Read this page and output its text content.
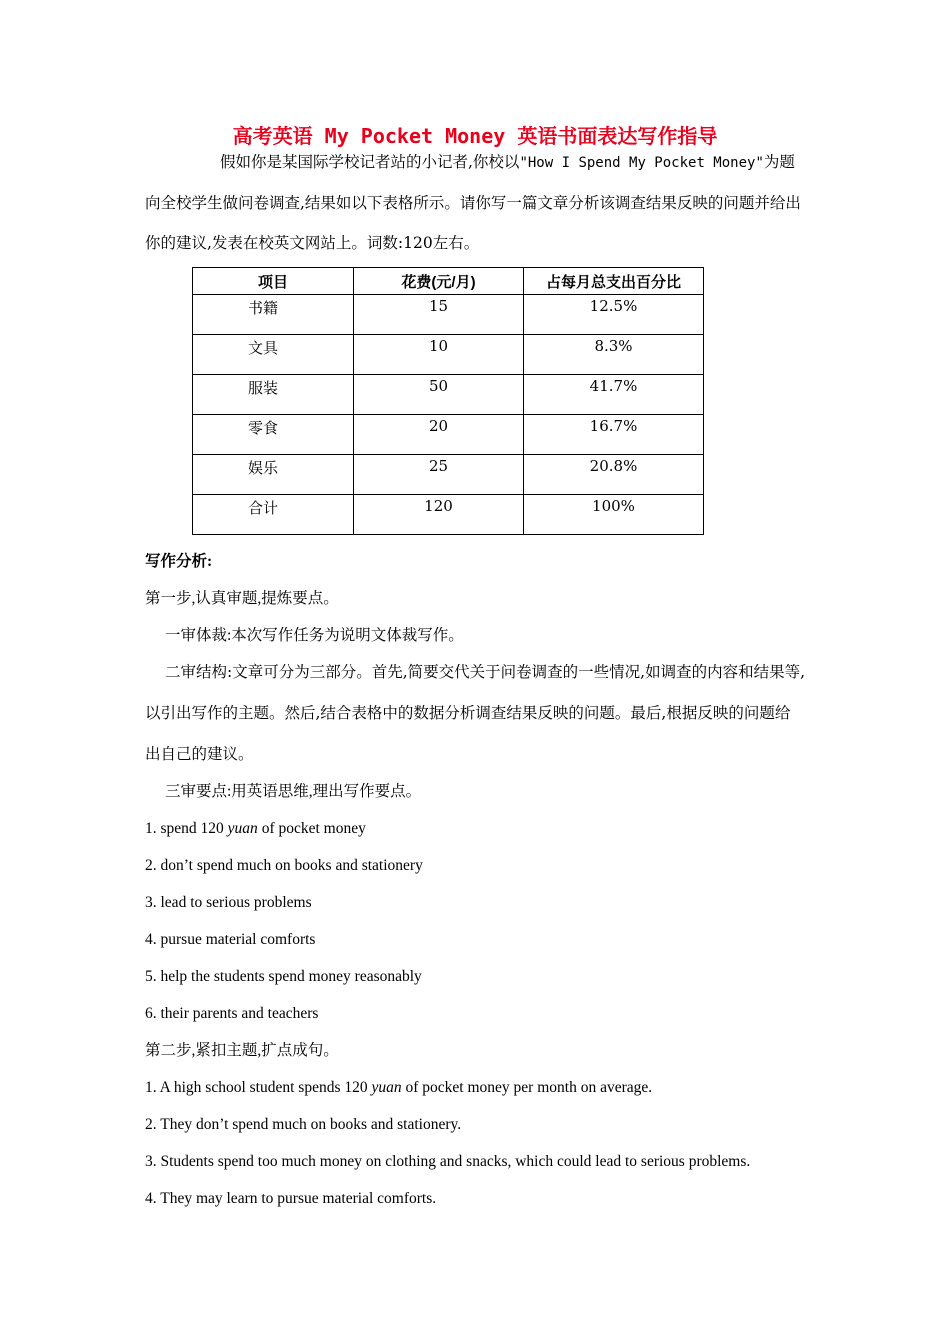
高考英语 My Pocket Money 英语书面表达写作指导

假如你是某国际学校记者站的小记者,你校以"How I Spend My Pocket Money"为题向全校学生做问卷调查,结果如以下表格所示。请你写一篇文章分析该调查结果反映的问题并给出你的建议,发表在校英文网站上。词数:120左右。

项目	花费(元/月)	占每月总支出百分比
书籍	15	12.5%
文具	10	8.3%
服装	50	41.7%
零食	20	16.7%
娱乐	25	20.8%
合计	120	100%
写作分析:
第一步,认真审题,提炼要点。
一审体裁:本次写作任务为说明文体裁写作。

二审结构:文章可分为三部分。首先,简要交代关于问卷调查的一些情况,如调查的内容和结果等,以引出写作的主题。然后,结合表格中的数据分析调查结果反映的问题。最后,根据反映的问题给出自己的建议。

三审要点:用英语思维,理出写作要点。
1. spend 120 yuan of pocket money
2. don’t spend much on books and stationery
3. lead to serious problems
4. pursue material comforts
5. help the students spend money reasonably
6. their parents and teachers
第二步,紧扣主题,扩点成句。
1. A high school student spends 120 yuan of pocket money per month on average.
2. They don’t spend much on books and stationery.
3. Students spend too much money on clothing and snacks, which could lead to serious problems.
4. They may learn to pursue material comforts.
